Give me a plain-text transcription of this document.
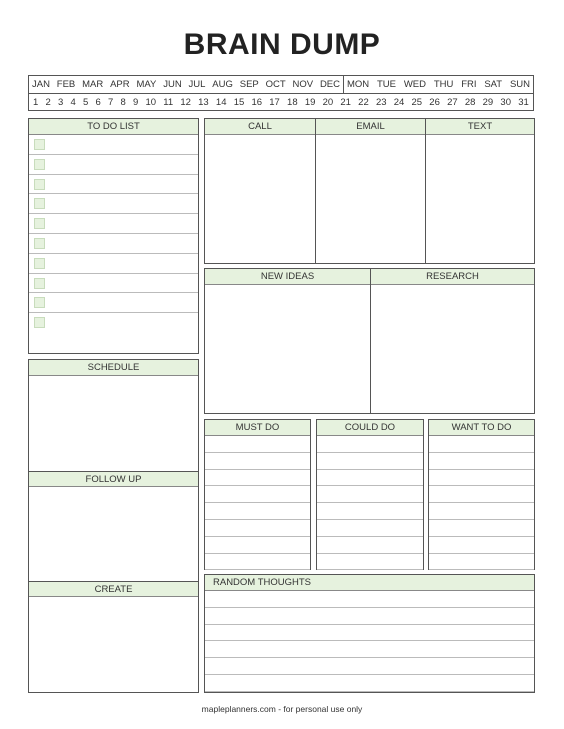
BRAIN DUMP
JAN FEB MAR APR MAY JUN JUL AUG SEP OCT NOV DEC MON TUE WED THU FRI SAT SUN
1 2 3 4 5 6 7 8 9 10 11 12 13 14 15 16 17 18 19 20 21 22 23 24 25 26 27 28 29 30 31
TO DO LIST
SCHEDULE
FOLLOW UP
CREATE
CALL	EMAIL	TEXT
NEW IDEAS	RESEARCH
MUST DO	COULD DO	WANT TO DO
RANDOM THOUGHTS
mapleplanners.com - for personal use only
